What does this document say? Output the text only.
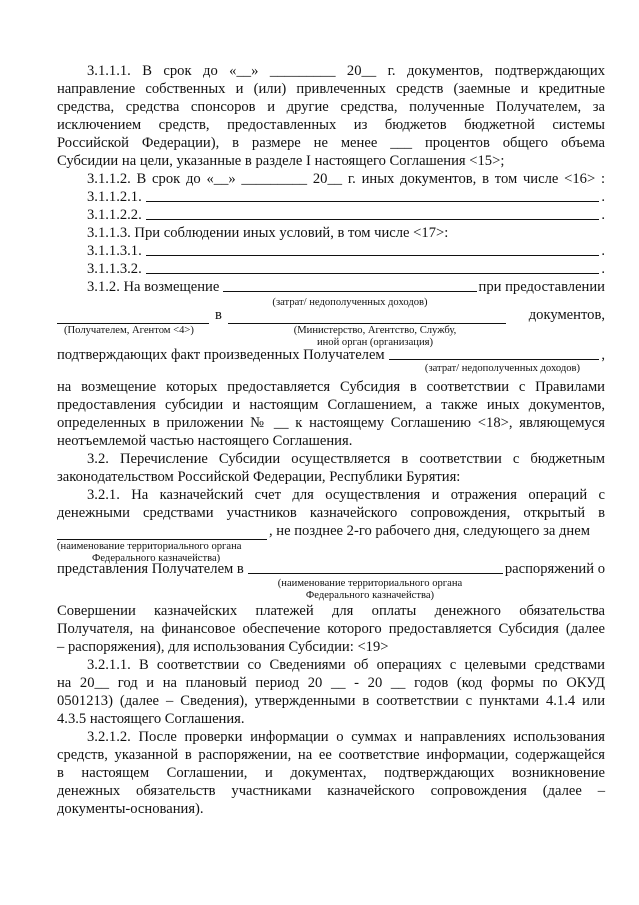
3.1.1.1. В срок до «__» _________ 20__ г. документов, подтверждающих
направление собственных и (или) привлеченных средств (заемные и кредитные
средства, средства спонсоров и другие средства, полученные Получателем, за
исключением средств, предоставленных из бюджетов бюджетной системы
Российской Федерации), в размере не менее ___ процентов общего объема
Субсидии на цели, указанные в разделе I настоящего Соглашения <15>;
3.1.1.2. В срок до «__» _________ 20__ г. иных документов, в том числе <16> :
3.1.1.2.1.	.
3.1.1.2.2.	.
3.1.1.3. При соблюдении иных условий, в том числе <17>:
3.1.1.3.1.	.
3.1.1.3.2.	.
3.1.2. На возмещение	при предоставлении
(затрат/ недополученных доходов)
в	документов,
(Получателем, Агентом <4>)	(Министерство, Агентство, Службу,
иной орган (организация)
подтверждающих факт произведенных Получателем	,
(затрат/ недополученных доходов)
на возмещение которых предоставляется Субсидия в соответствии с Правилами
предоставления субсидии и настоящим Соглашением, а также иных документов,
определенных в приложении № __ к настоящему Соглашению <18>, являющемуся
неотъемлемой частью настоящего Соглашения.
3.2. Перечисление Субсидии осуществляется в соответствии с бюджетным
законодательством Российской Федерации, Республики Бурятия:
3.2.1. На казначейский счет для осуществления и отражения операций с
денежными средствами участников казначейского сопровождения, открытый в
, не позднее 2-го рабочего дня, следующего за днем
(наименование территориального органа
Федерального казначейства)
представления Получателем в	распоряжений о
(наименование территориального органа
Федерального казначейства)
Совершении казначейских платежей для оплаты денежного обязательства
Получателя, на финансовое обеспечение которого предоставляется Субсидия (далее
– распоряжения), для использования Субсидии: <19>
3.2.1.1. В соответствии со Сведениями об операциях с целевыми средствами
на 20__ год и на плановый период 20 __ - 20 __ годов (код формы по ОКУД
0501213) (далее – Сведения), утвержденными в соответствии с пунктами 4.1.4 или
4.3.5 настоящего Соглашения.
3.2.1.2. После проверки информации о суммах и направлениях использования
средств, указанной в распоряжении, на ее соответствие информации, содержащейся
в настоящем Соглашении, и документах, подтверждающих возникновение
денежных обязательств участниками казначейского сопровождения (далее –
документы-основания).
